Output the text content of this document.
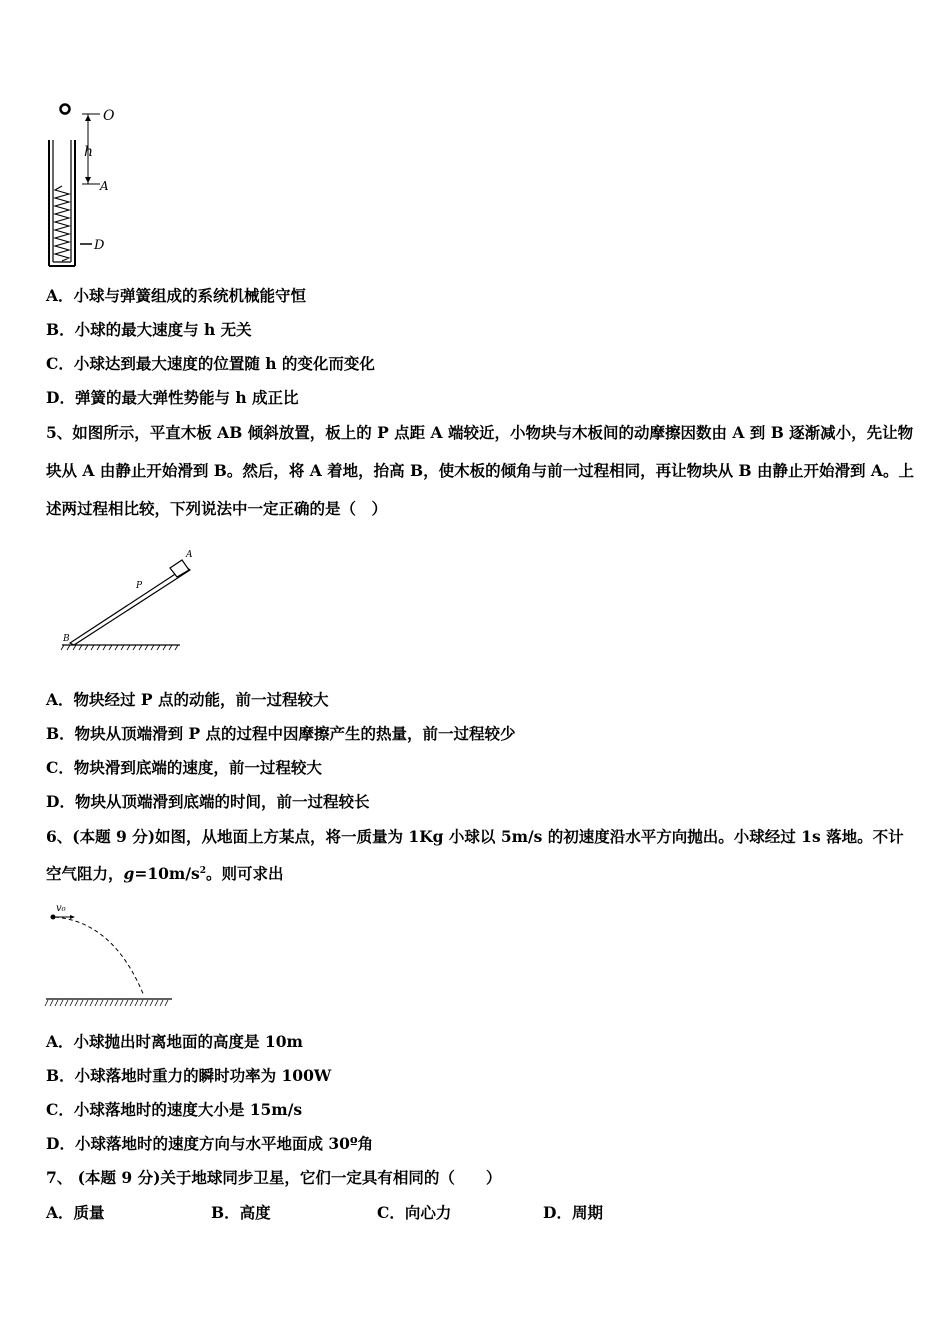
O
h
A
D
A．小球与弹簧组成的系统机械能守恒
B．小球的最大速度与 h 无关
C．小球达到最大速度的位置随 h 的变化而变化
D．弹簧的最大弹性势能与 h 成正比
5、如图所示，平直木板 AB 倾斜放置，板上的 P 点距 A 端较近，小物块与木板间的动摩擦因数由 A 到 B 逐渐减小，先让物块从 A 由静止开始滑到 B。然后，将 A 着地，抬高 B，使木板的倾角与前一过程相同，再让物块从 B 由静止开始滑到 A。上述两过程相比较，下列说法中一定正确的是（　）
A
P
B
A．物块经过 P 点的动能，前一过程较大
B．物块从顶端滑到 P 点的过程中因摩擦产生的热量，前一过程较少
C．物块滑到底端的速度，前一过程较大
D．物块从顶端滑到底端的时间，前一过程较长
6、(本题 9 分)如图，从地面上方某点，将一质量为 1Kg 小球以 5m/s 的初速度沿水平方向抛出。小球经过 1s 落地。不计
空气阻力，$g=10m/s^2$。则可求出
v₀
A．小球抛出时离地面的高度是 10m
B．小球落地时重力的瞬时功率为 100W
C．小球落地时的速度大小是 15m/s
D．小球落地时的速度方向与水平地面成 30º角
7、 (本题 9 分)关于地球同步卫星，它们一定具有相同的（　　）
A．质量	B．高度	C．向心力	D．周期
